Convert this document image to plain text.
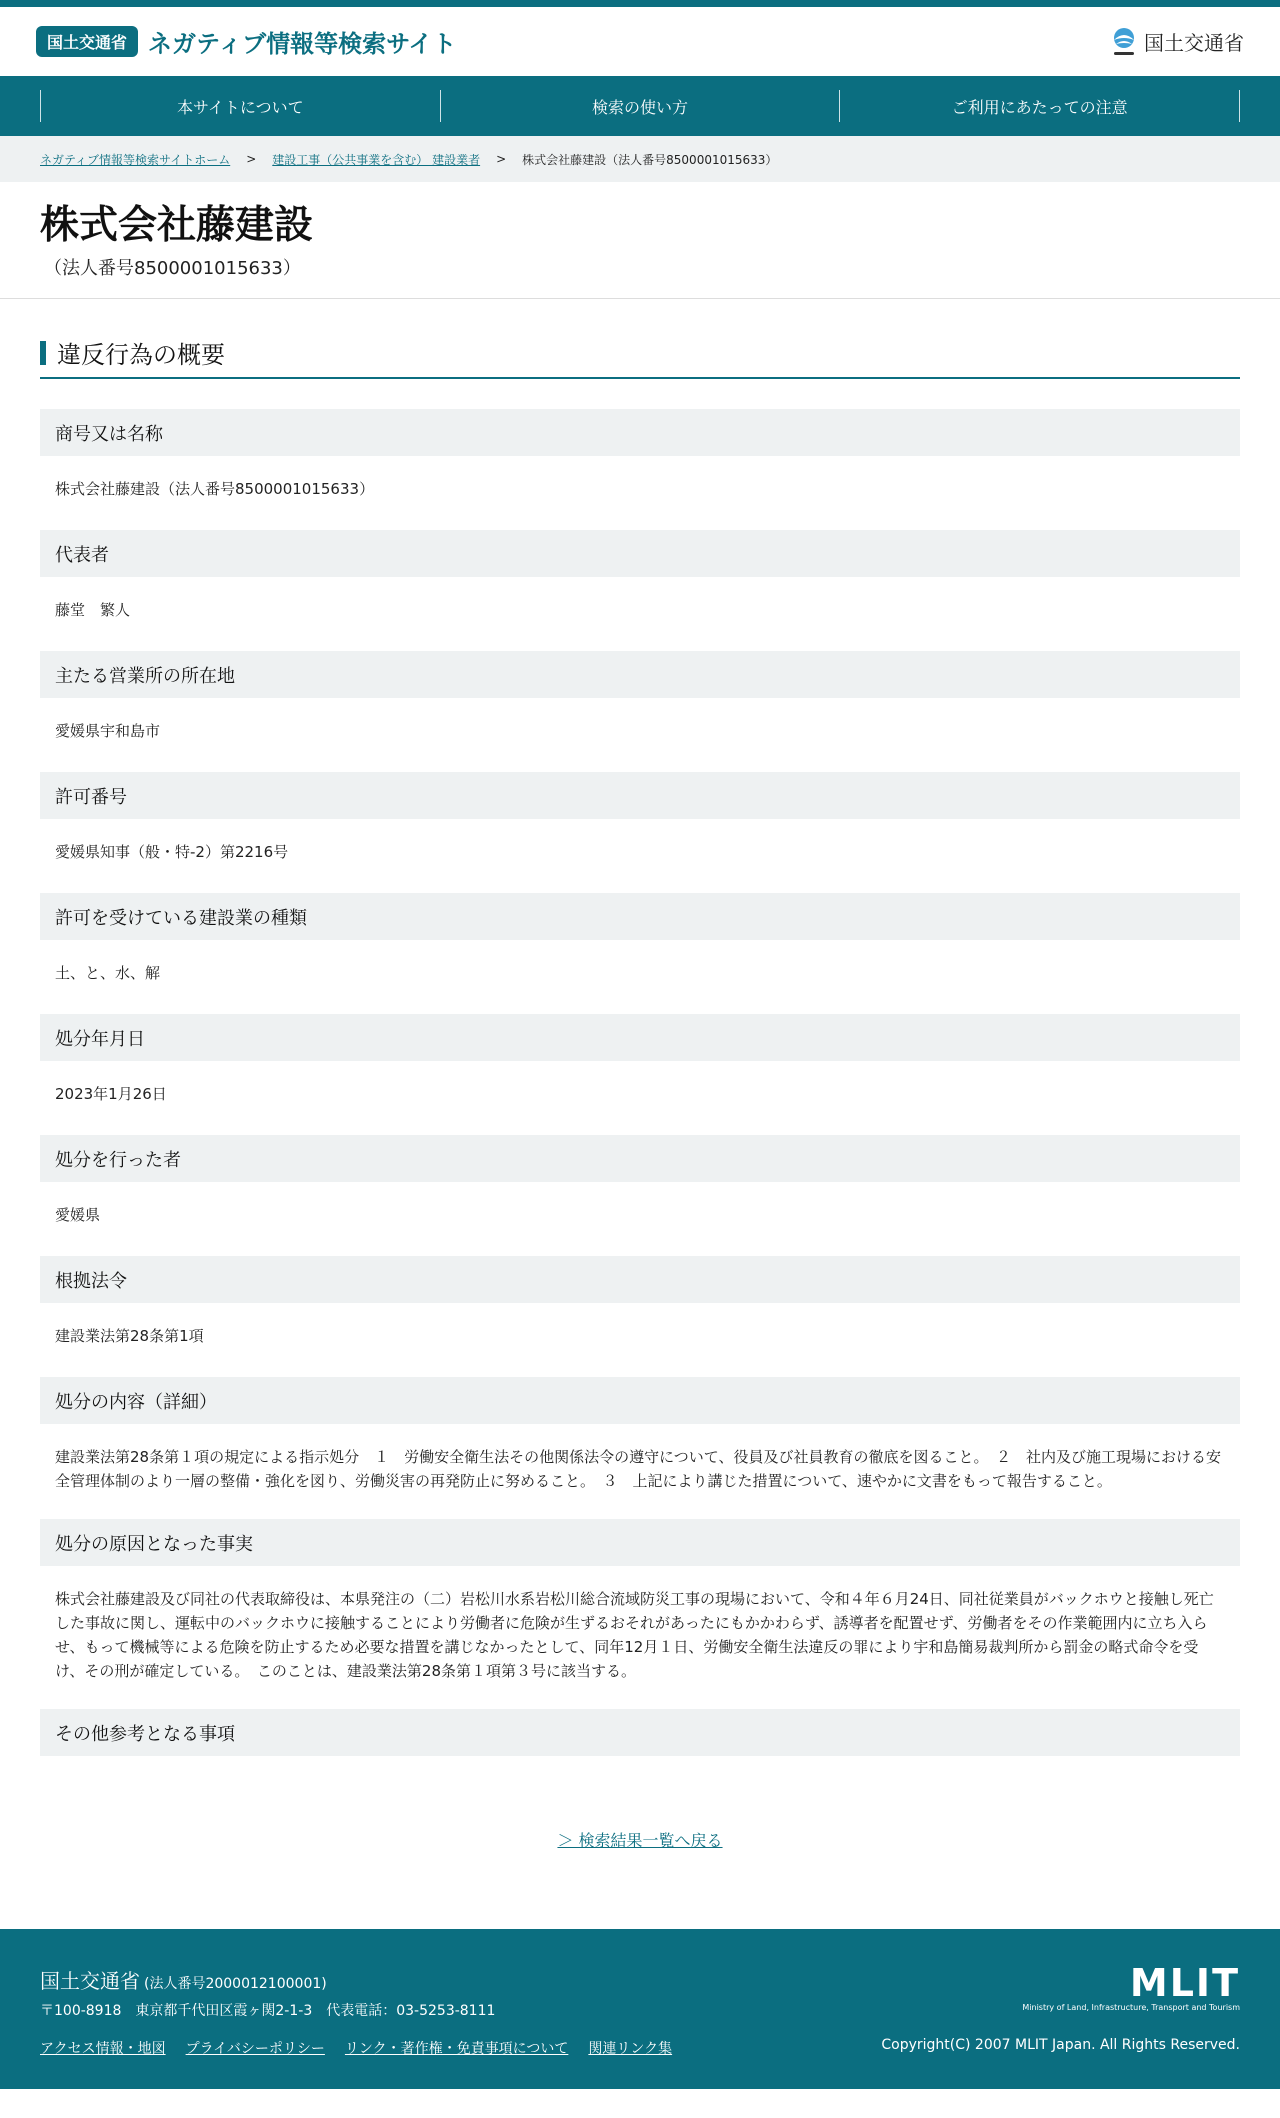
国土交通省 ネガティブ情報等検索サイト	国土交通省
本サイトについて	検索の使い方	ご利用にあたっての注意
ネガティブ情報等検索サイトホーム > 建設工事（公共事業を含む） 建設業者 > 株式会社藤建設（法人番号8500001015633）
株式会社藤建設
（法人番号8500001015633）
違反行為の概要
商号又は名称
株式会社藤建設（法人番号8500001015633）
代表者
藤堂　繁人
主たる営業所の所在地
愛媛県宇和島市
許可番号
愛媛県知事（般・特-2）第2216号
許可を受けている建設業の種類
土、と、水、解
処分年月日
2023年1月26日
処分を行った者
愛媛県
根拠法令
建設業法第28条第1項
処分の内容（詳細）
建設業法第28条第１項の規定による指示処分　１　労働安全衛生法その他関係法令の遵守について、役員及び社員教育の徹底を図ること。　２　社内及び施工現場における安全管理体制のより一層の整備・強化を図り、労働災害の再発防止に努めること。　３　上記により講じた措置について、速やかに文書をもって報告すること。
処分の原因となった事実
株式会社藤建設及び同社の代表取締役は、本県発注の（二）岩松川水系岩松川総合流域防災工事の現場において、令和４年６月24日、同社従業員がバックホウと接触し死亡した事故に関し、運転中のバックホウに接触することにより労働者に危険が生ずるおそれがあったにもかかわらず、誘導者を配置せず、労働者をその作業範囲内に立ち入らせ、もって機械等による危険を防止するため必要な措置を講じなかったとして、同年12月１日、労働安全衛生法違反の罪により宇和島簡易裁判所から罰金の略式命令を受け、その刑が確定している。　このことは、建設業法第28条第１項第３号に該当する。
その他参考となる事項
＞ 検索結果一覧へ戻る
国土交通省 (法人番号2000012100001)
〒100-8918　東京都千代田区霞ヶ関2-1-3　代表電話：03-5253-8111
アクセス情報・地図 プライバシーポリシー リンク・著作権・免責事項について 関連リンク集
MLIT
Ministry of Land, Infrastructure, Transport and Tourism
Copyright(C) 2007 MLIT Japan. All Rights Reserved.
